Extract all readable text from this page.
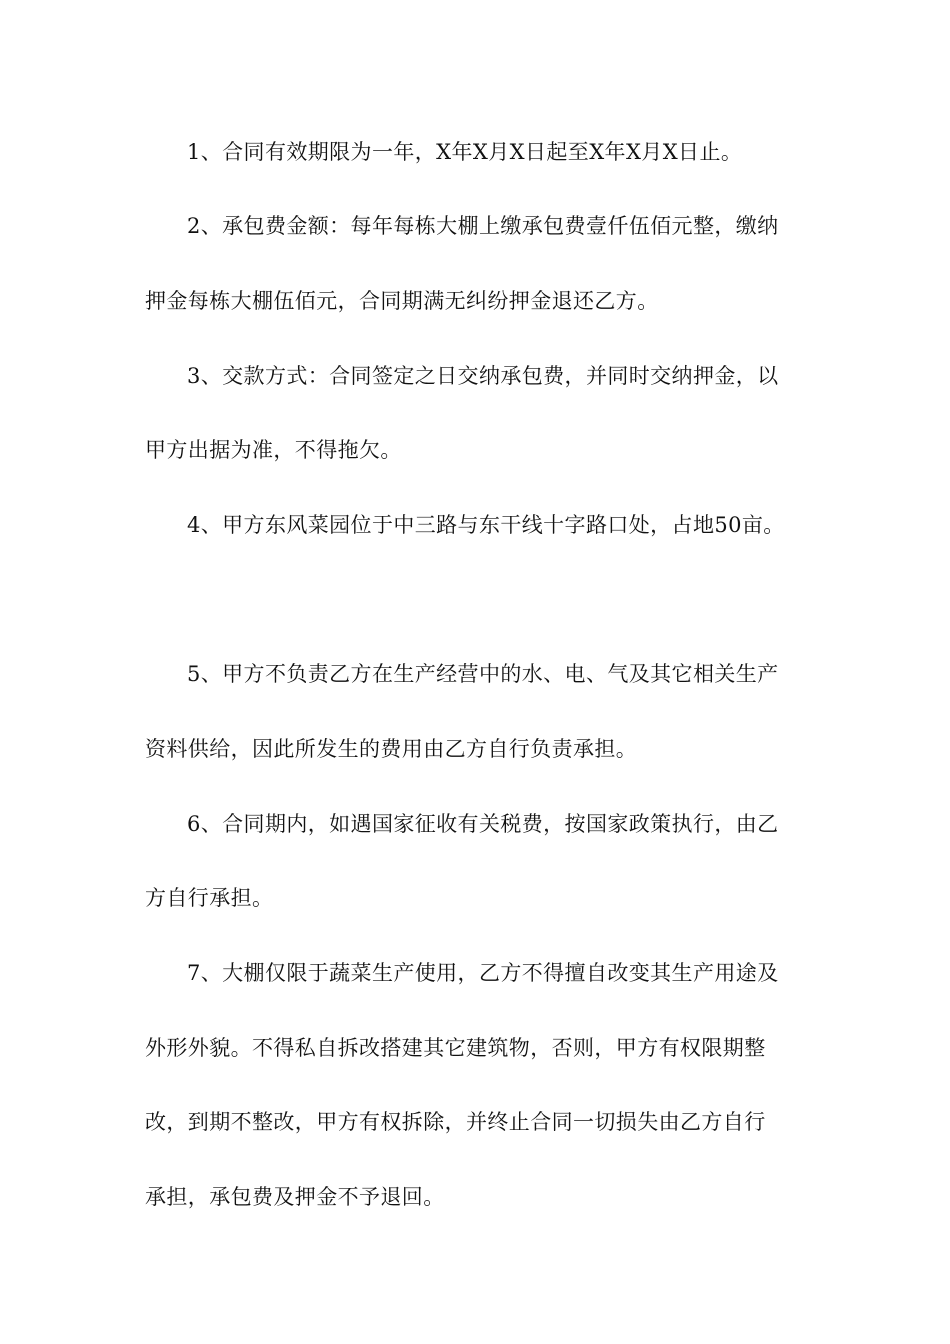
1、合同有效期限为一年，X年X月X日起至X年X月X日止。
2、承包费金额：每年每栋大棚上缴承包费壹仟伍佰元整，缴纳
押金每栋大棚伍佰元，合同期满无纠纷押金退还乙方。
3、交款方式：合同签定之日交纳承包费，并同时交纳押金，以
甲方出据为准，不得拖欠。
4、甲方东风菜园位于中三路与东干线十字路口处，占地50亩。
5、甲方不负责乙方在生产经营中的水、电、气及其它相关生产
资料供给，因此所发生的费用由乙方自行负责承担。
6、合同期内，如遇国家征收有关税费，按国家政策执行，由乙
方自行承担。
7、大棚仅限于蔬菜生产使用，乙方不得擅自改变其生产用途及
外形外貌。不得私自拆改搭建其它建筑物，否则，甲方有权限期整
改，到期不整改，甲方有权拆除，并终止合同一切损失由乙方自行
承担，承包费及押金不予退回。
